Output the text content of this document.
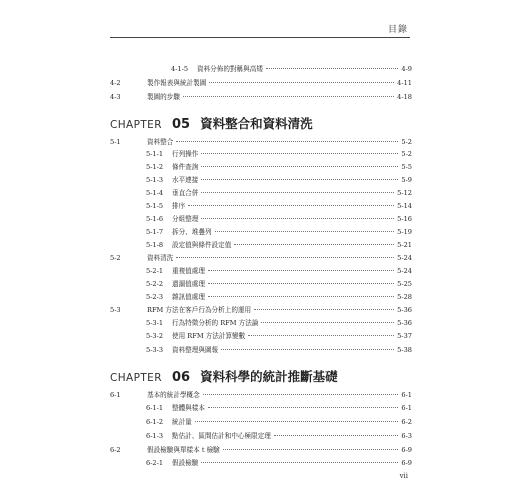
目錄
4-1-5	資料分佈的對稱與高矮	4-9
4-2	製作報表與統計製圖	4-11
4-3	製圖的步驟	4-18
5-1	資料整合	5-2
5-1-1	行列操作	5-2
5-1-2	條件查詢	5-5
5-1-3	水平連接	5-9
5-1-4	垂直合併	5-12
5-1-5	排序	5-14
5-1-6	分組整理	5-16
5-1-7	拆分、堆疊列	5-19
5-1-8	設定值與條件設定值	5-21
5-2	資料清洗	5-24
5-2-1	重複值處理	5-24
5-2-2	遺漏值處理	5-25
5-2-3	雜訊值處理	5-28
5-3	RFM 方法在客戶行為分析上的運用	5-36
5-3-1	行為特徵分析的 RFM 方法論	5-36
5-3-2	使用 RFM 方法計算變數	5-37
5-3-3	資料整理與圖報	5-38
6-1	基本的統計學概念	6-1
6-1-1	整體與樣本	6-1
6-1-2	統計量	6-2
6-1-3	點估計、區間估計和中心極限定理	6-3
6-2	假設檢驗與單樣本 t 檢驗	6-9
6-2-1	假設檢驗	6-9
CHAPTER 05 資料整合和資料清洗
CHAPTER 06 資料科學的統計推斷基礎
vii
